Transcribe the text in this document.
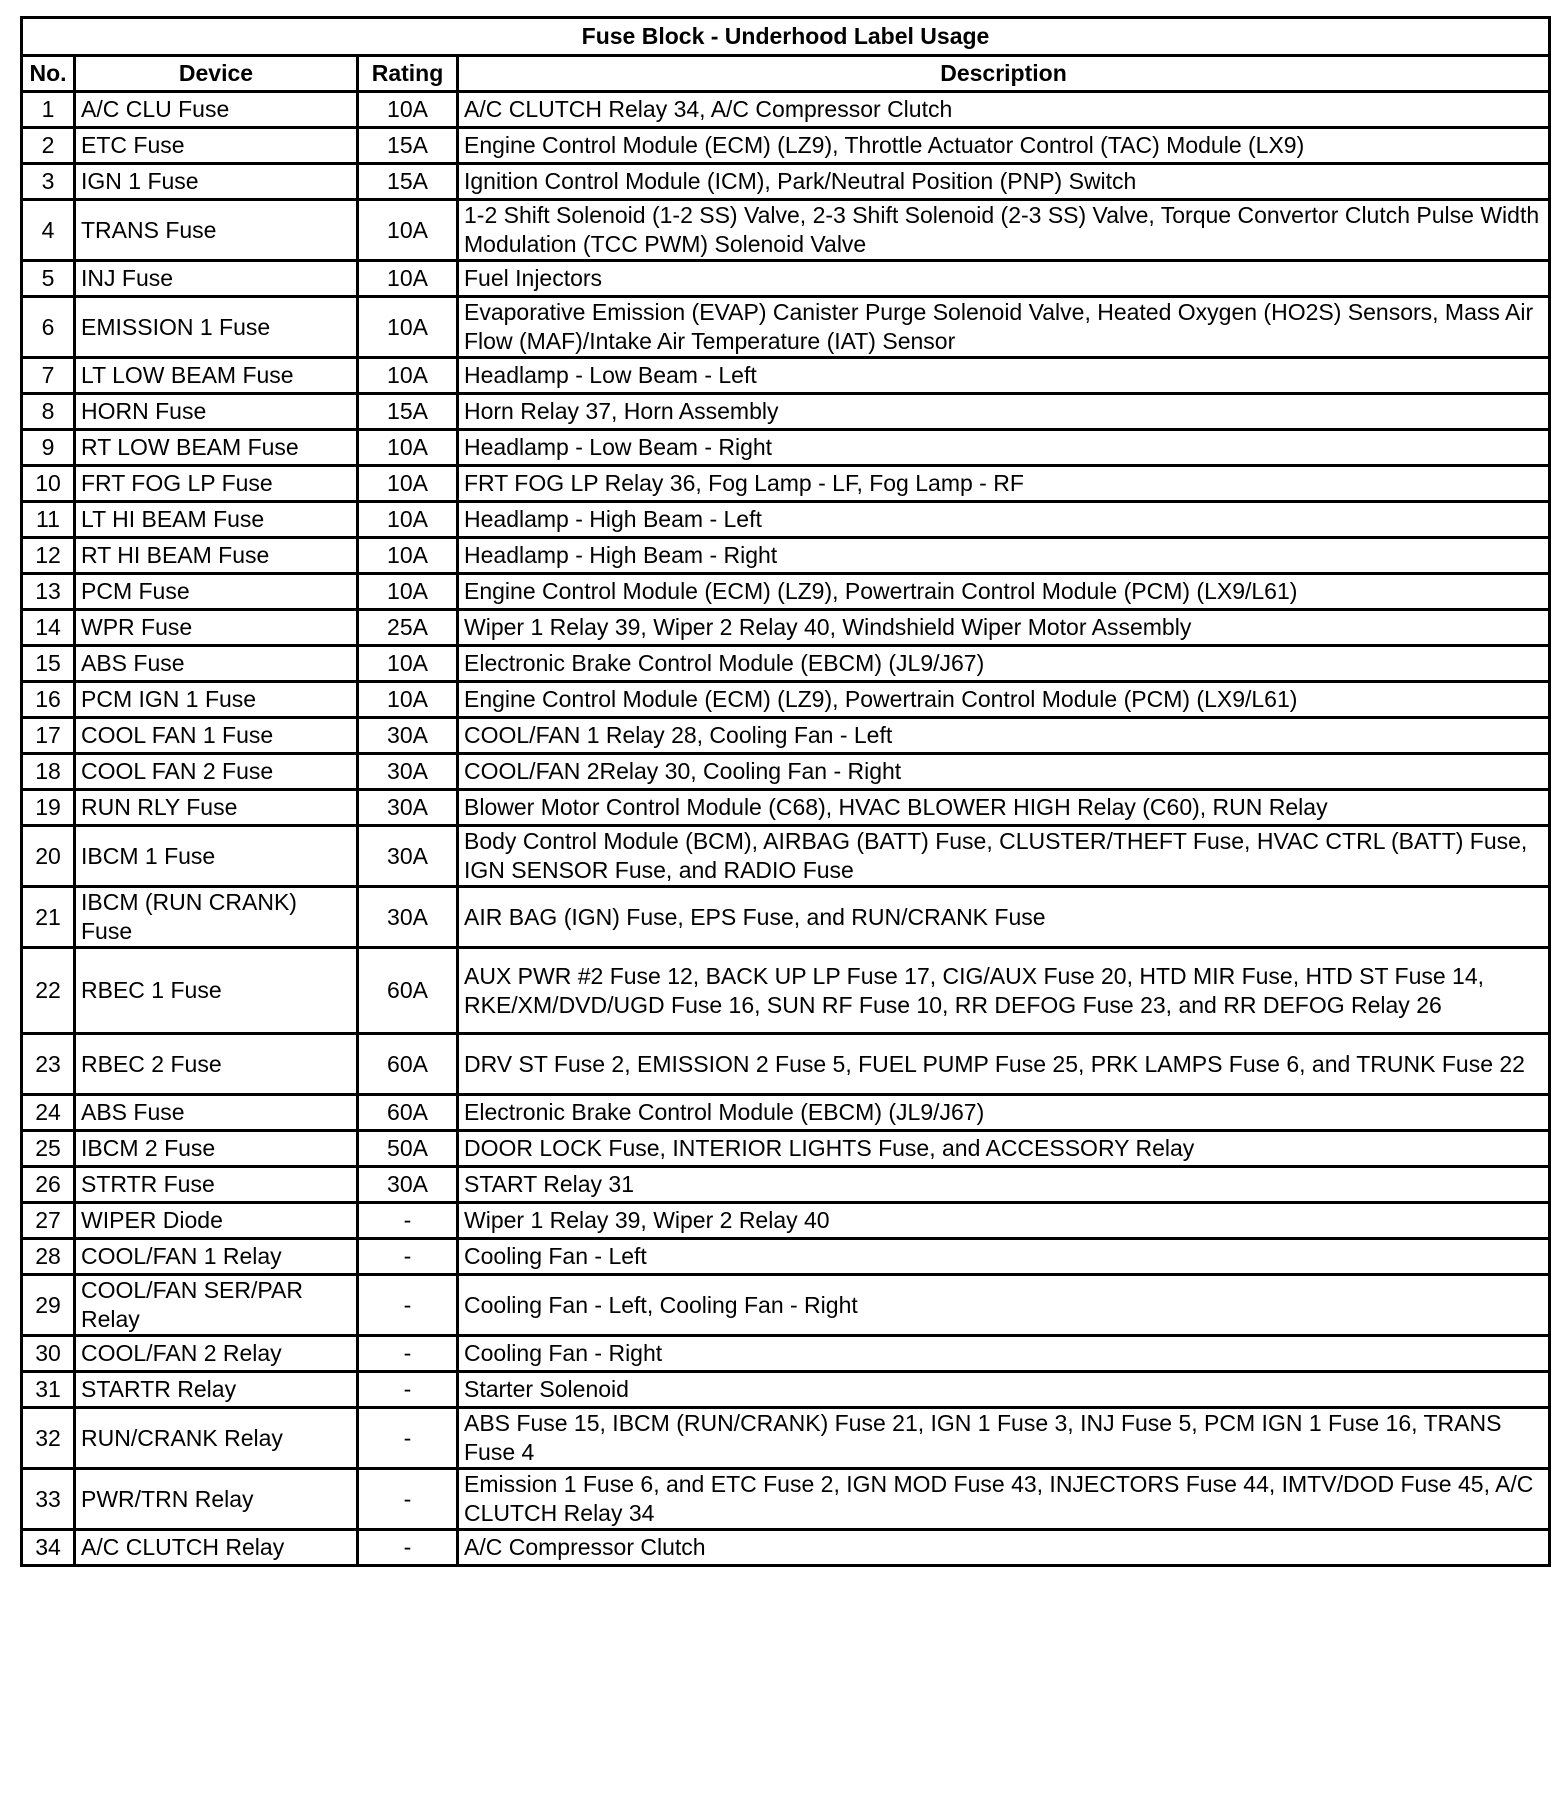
Fuse Block - Underhood Label Usage			
No.	Device	Rating	Description
1	A/C CLU Fuse	10A	A/C CLUTCH Relay 34, A/C Compressor Clutch
2	ETC Fuse	15A	Engine Control Module (ECM) (LZ9), Throttle Actuator Control (TAC) Module (LX9)
3	IGN 1 Fuse	15A	Ignition Control Module (ICM), Park/Neutral Position (PNP) Switch
4	TRANS Fuse	10A	1-2 Shift Solenoid (1-2 SS) Valve, 2-3 Shift Solenoid (2-3 SS) Valve, Torque Convertor Clutch Pulse Width Modulation (TCC PWM) Solenoid Valve
5	INJ Fuse	10A	Fuel Injectors
6	EMISSION 1 Fuse	10A	Evaporative Emission (EVAP) Canister Purge Solenoid Valve, Heated Oxygen (HO2S) Sensors, Mass Air Flow (MAF)/Intake Air Temperature (IAT) Sensor
7	LT LOW BEAM Fuse	10A	Headlamp - Low Beam - Left
8	HORN Fuse	15A	Horn Relay 37, Horn Assembly
9	RT LOW BEAM Fuse	10A	Headlamp - Low Beam - Right
10	FRT FOG LP Fuse	10A	FRT FOG LP Relay 36, Fog Lamp - LF, Fog Lamp - RF
11	LT HI BEAM Fuse	10A	Headlamp - High Beam - Left
12	RT HI BEAM Fuse	10A	Headlamp - High Beam - Right
13	PCM Fuse	10A	Engine Control Module (ECM) (LZ9), Powertrain Control Module (PCM) (LX9/L61)
14	WPR Fuse	25A	Wiper 1 Relay 39, Wiper 2 Relay 40, Windshield Wiper Motor Assembly
15	ABS Fuse	10A	Electronic Brake Control Module (EBCM) (JL9/J67)
16	PCM IGN 1 Fuse	10A	Engine Control Module (ECM) (LZ9), Powertrain Control Module (PCM) (LX9/L61)
17	COOL FAN 1 Fuse	30A	COOL/FAN 1 Relay 28, Cooling Fan - Left
18	COOL FAN 2 Fuse	30A	COOL/FAN 2Relay 30, Cooling Fan - Right
19	RUN RLY Fuse	30A	Blower Motor Control Module (C68), HVAC BLOWER HIGH Relay (C60), RUN Relay
20	IBCM 1 Fuse	30A	Body Control Module (BCM), AIRBAG (BATT) Fuse, CLUSTER/THEFT Fuse, HVAC CTRL (BATT) Fuse, IGN SENSOR Fuse, and RADIO Fuse
21	IBCM (RUN CRANK) Fuse	30A	AIR BAG (IGN) Fuse, EPS Fuse, and RUN/CRANK Fuse
22	RBEC 1 Fuse	60A	AUX PWR #2 Fuse 12, BACK UP LP Fuse 17, CIG/AUX Fuse 20, HTD MIR Fuse, HTD ST Fuse 14, RKE/XM/DVD/UGD Fuse 16, SUN RF Fuse 10, RR DEFOG Fuse 23, and RR DEFOG Relay 26
23	RBEC 2 Fuse	60A	DRV ST Fuse 2, EMISSION 2 Fuse 5, FUEL PUMP Fuse 25, PRK LAMPS Fuse 6, and TRUNK Fuse 22
24	ABS Fuse	60A	Electronic Brake Control Module (EBCM) (JL9/J67)
25	IBCM 2 Fuse	50A	DOOR LOCK Fuse, INTERIOR LIGHTS Fuse, and ACCESSORY Relay
26	STRTR Fuse	30A	START Relay 31
27	WIPER Diode	-	Wiper 1 Relay 39, Wiper 2 Relay 40
28	COOL/FAN 1 Relay	-	Cooling Fan - Left
29	COOL/FAN SER/PAR Relay	-	Cooling Fan - Left, Cooling Fan - Right
30	COOL/FAN 2 Relay	-	Cooling Fan - Right
31	STARTR Relay	-	Starter Solenoid
32	RUN/CRANK Relay	-	ABS Fuse 15, IBCM (RUN/CRANK) Fuse 21, IGN 1 Fuse 3, INJ Fuse 5, PCM IGN 1 Fuse 16, TRANS Fuse 4
33	PWR/TRN Relay	-	Emission 1 Fuse 6, and ETC Fuse 2, IGN MOD Fuse 43, INJECTORS Fuse 44, IMTV/DOD Fuse 45, A/C CLUTCH Relay 34
34	A/C CLUTCH Relay	-	A/C Compressor Clutch
